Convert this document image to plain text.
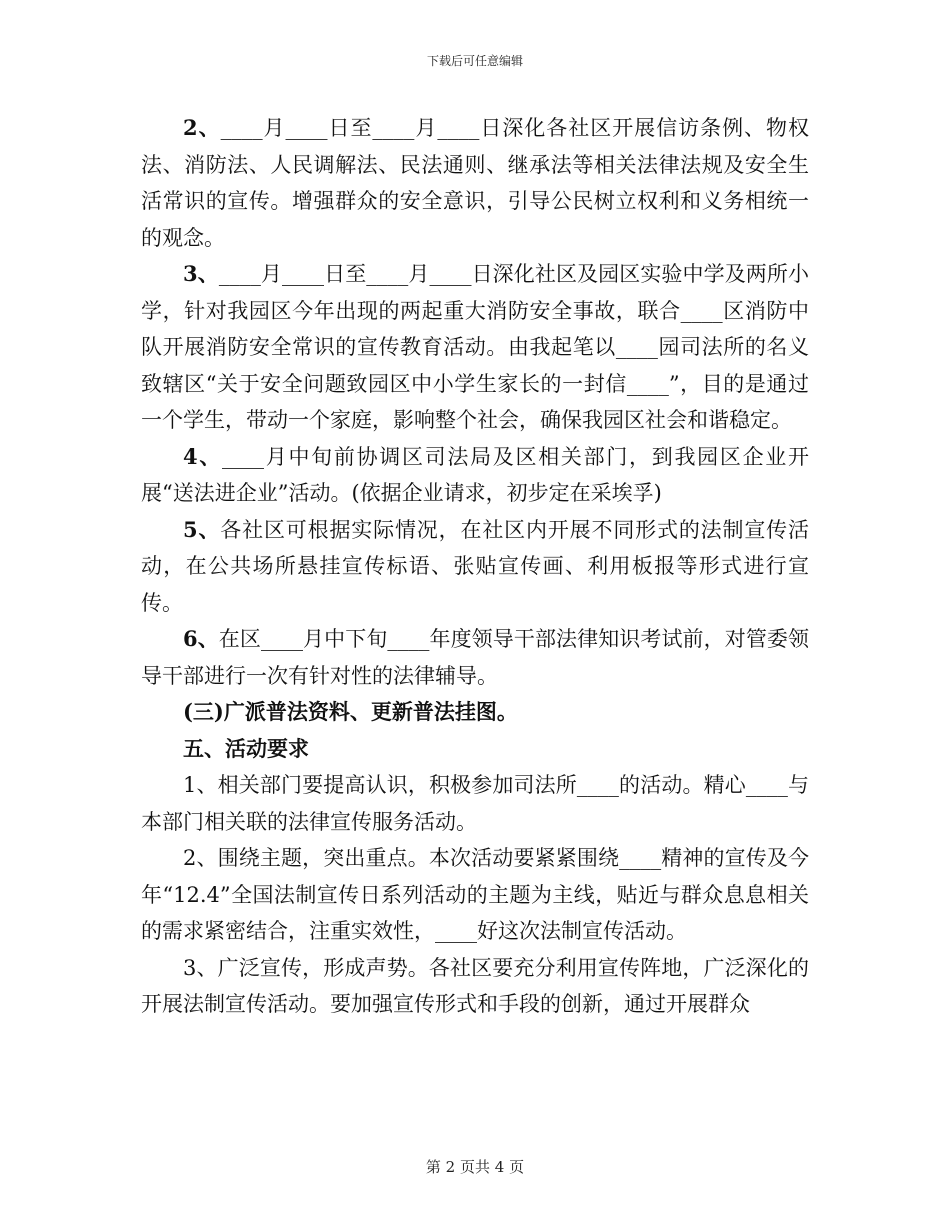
下载后可任意编辑

2、____月____日至____月____日深化各社区开展信访条例、物权法、消防法、人民调解法、民法通则、继承法等相关法律法规及安全生活常识的宣传。增强群众的安全意识，引导公民树立权利和义务相统一的观念。

3、____月____日至____月____日深化社区及园区实验中学及两所小学，针对我园区今年出现的两起重大消防安全事故，联合____区消防中队开展消防安全常识的宣传教育活动。由我起笔以____园司法所的名义致辖区“关于安全问题致园区中小学生家长的一封信____”，目的是通过一个学生，带动一个家庭，影响整个社会，确保我园区社会和谐稳定。

4、____月中旬前协调区司法局及区相关部门，到我园区企业开展“送法进企业”活动。(依据企业请求，初步定在采埃孚)

5、各社区可根据实际情况，在社区内开展不同形式的法制宣传活动，在公共场所悬挂宣传标语、张贴宣传画、利用板报等形式进行宣传。

6、在区____月中下旬____年度领导干部法律知识考试前，对管委领导干部进行一次有针对性的法律辅导。

(三)广派普法资料、更新普法挂图。

五、活动要求

1、相关部门要提高认识，积极参加司法所____的活动。精心____与本部门相关联的法律宣传服务活动。

2、围绕主题，突出重点。本次活动要紧紧围绕____精神的宣传及今年“12.4”全国法制宣传日系列活动的主题为主线，贴近与群众息息相关的需求紧密结合，注重实效性，____好这次法制宣传活动。

3、广泛宣传，形成声势。各社区要充分利用宣传阵地，广泛深化的开展法制宣传活动。要加强宣传形式和手段的创新，通过开展群众

第 2 页共 4 页
